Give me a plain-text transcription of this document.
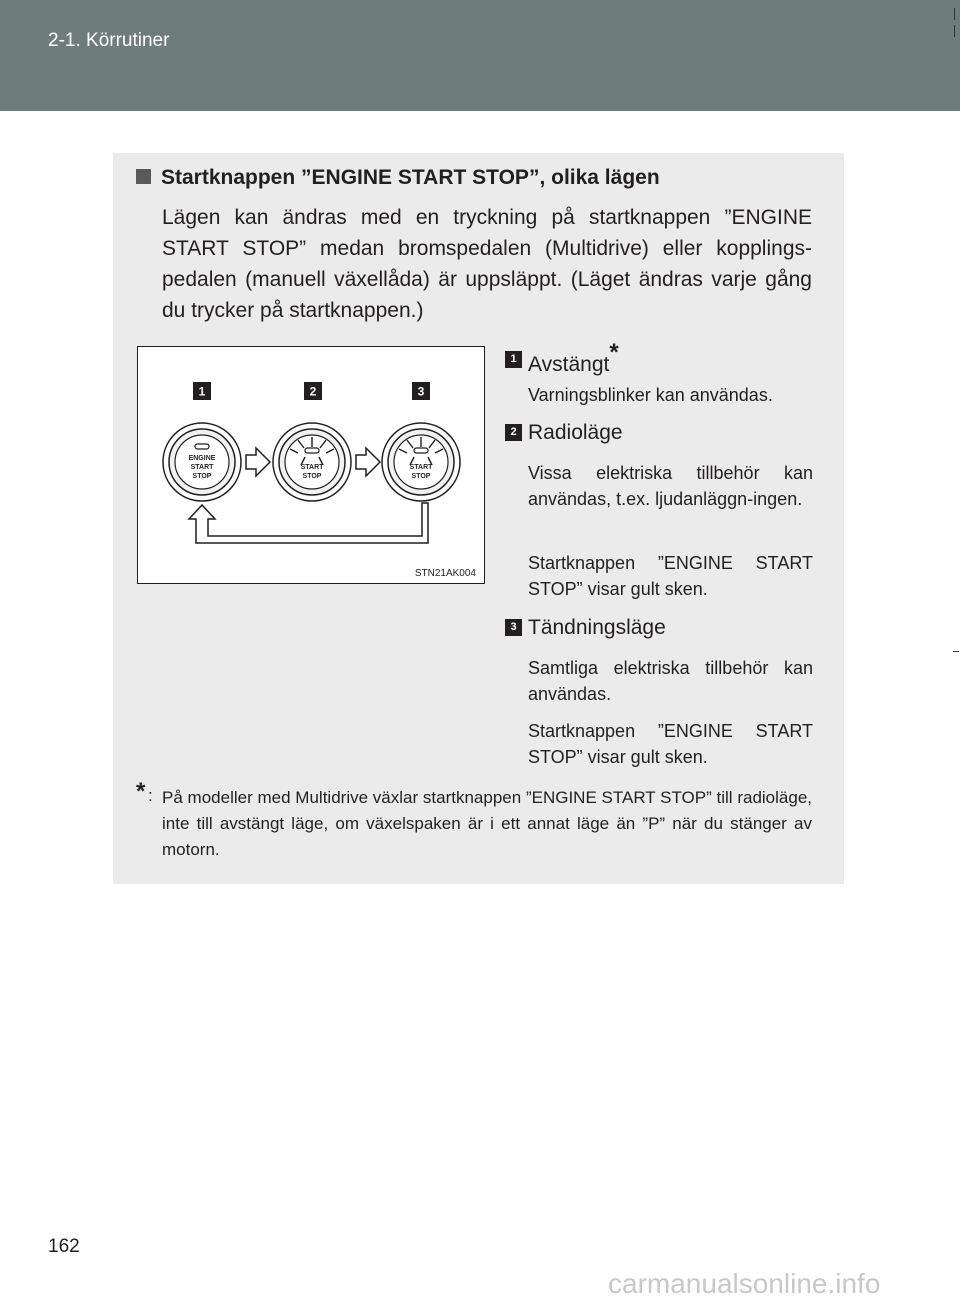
2-1. Körrutiner
Startknappen ”ENGINE START STOP”, olika lägen
Lägen kan ändras med en tryckning på startknappen ”ENGINE START STOP” medan bromspedalen (Multidrive) eller kopplings-pedalen (manuell växellåda) är uppsläppt. (Läget ändras varje gång du trycker på startknappen.)
1	2	3
ENGINE
START
STOP
START
STOP
START
STOP
STN21AK004
1 Avstängt*
Varningsblinker kan användas.
2 Radioläge
Vissa elektriska tillbehör kan användas, t.ex. ljudanläggn-ingen.
Startknappen ”ENGINE START STOP” visar gult sken.
3 Tändningsläge
Samtliga elektriska tillbehör kan användas.
Startknappen ”ENGINE START STOP” visar gult sken.
* : På modeller med Multidrive växlar startknappen ”ENGINE START STOP” till radioläge, inte till avstängt läge, om växelspaken är i ett annat läge än ”P” när du stänger av motorn.
162
carmanualsonline.info
